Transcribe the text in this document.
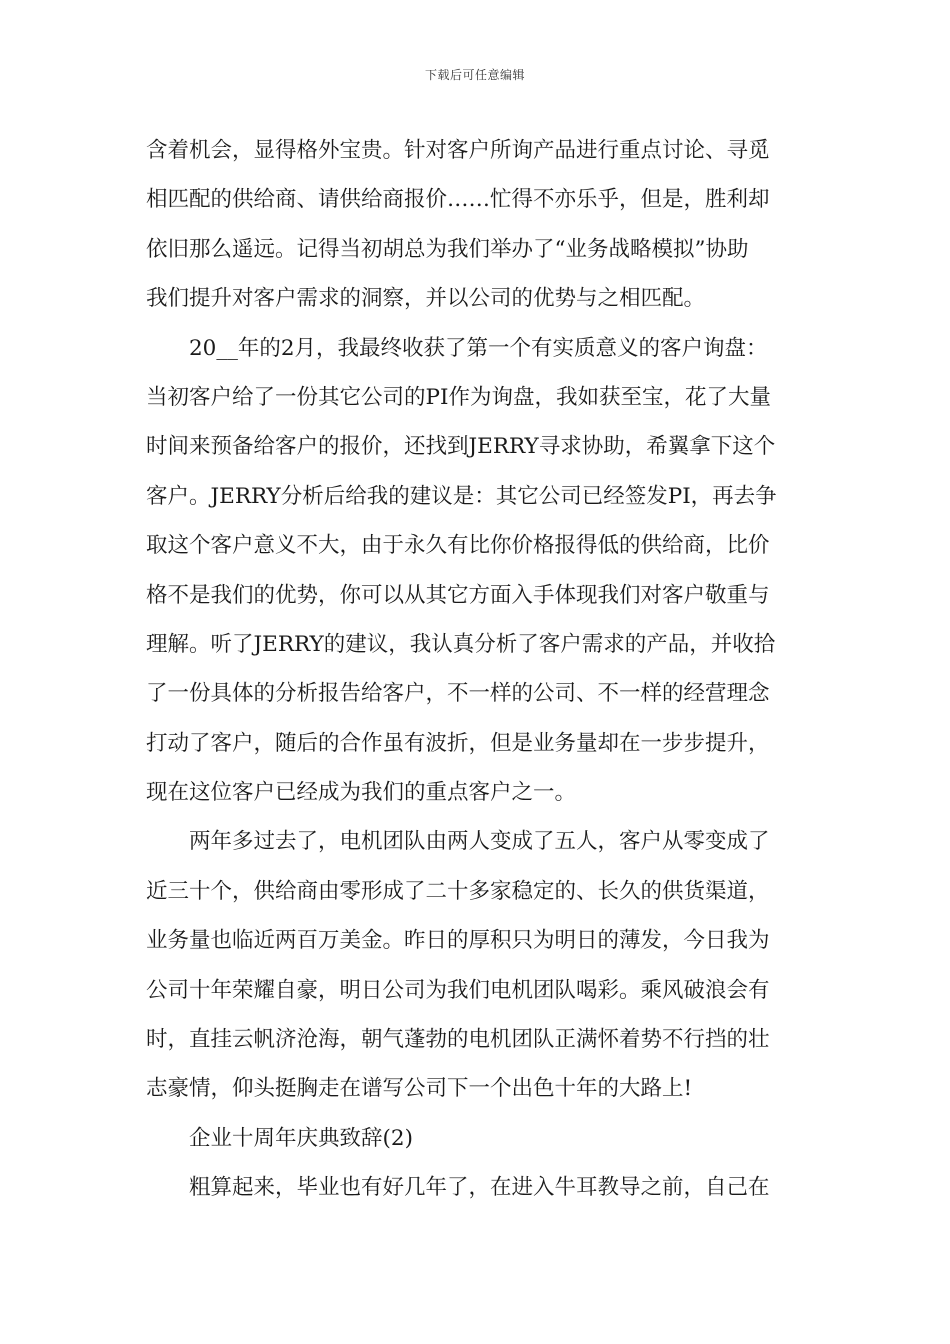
下载后可任意编辑
含着机会，显得格外宝贵。针对客户所询产品进行重点讨论、寻觅
相匹配的供给商、请供给商报价……忙得不亦乐乎，但是，胜利却
依旧那么遥远。记得当初胡总为我们举办了“业务战略模拟”协助
我们提升对客户需求的洞察，并以公司的优势与之相匹配。
20__年的2月，我最终收获了第一个有实质意义的客户询盘：
当初客户给了一份其它公司的PI作为询盘，我如获至宝，花了大量
时间来预备给客户的报价，还找到JERRY寻求协助，希翼拿下这个
客户。JERRY分析后给我的建议是：其它公司已经签发PI，再去争
取这个客户意义不大，由于永久有比你价格报得低的供给商，比价
格不是我们的优势，你可以从其它方面入手体现我们对客户敬重与
理解。听了JERRY的建议，我认真分析了客户需求的产品，并收拾
了一份具体的分析报告给客户，不一样的公司、不一样的经营理念
打动了客户，随后的合作虽有波折，但是业务量却在一步步提升，
现在这位客户已经成为我们的重点客户之一。
两年多过去了，电机团队由两人变成了五人，客户从零变成了
近三十个，供给商由零形成了二十多家稳定的、长久的供货渠道，
业务量也临近两百万美金。昨日的厚积只为明日的薄发，今日我为
公司十年荣耀自豪，明日公司为我们电机团队喝彩。乘风破浪会有
时，直挂云帆济沧海，朝气蓬勃的电机团队正满怀着势不行挡的壮
志豪情，仰头挺胸走在谱写公司下一个出色十年的大路上!
企业十周年庆典致辞(2)
粗算起来，毕业也有好几年了，在进入牛耳教导之前，自己在
